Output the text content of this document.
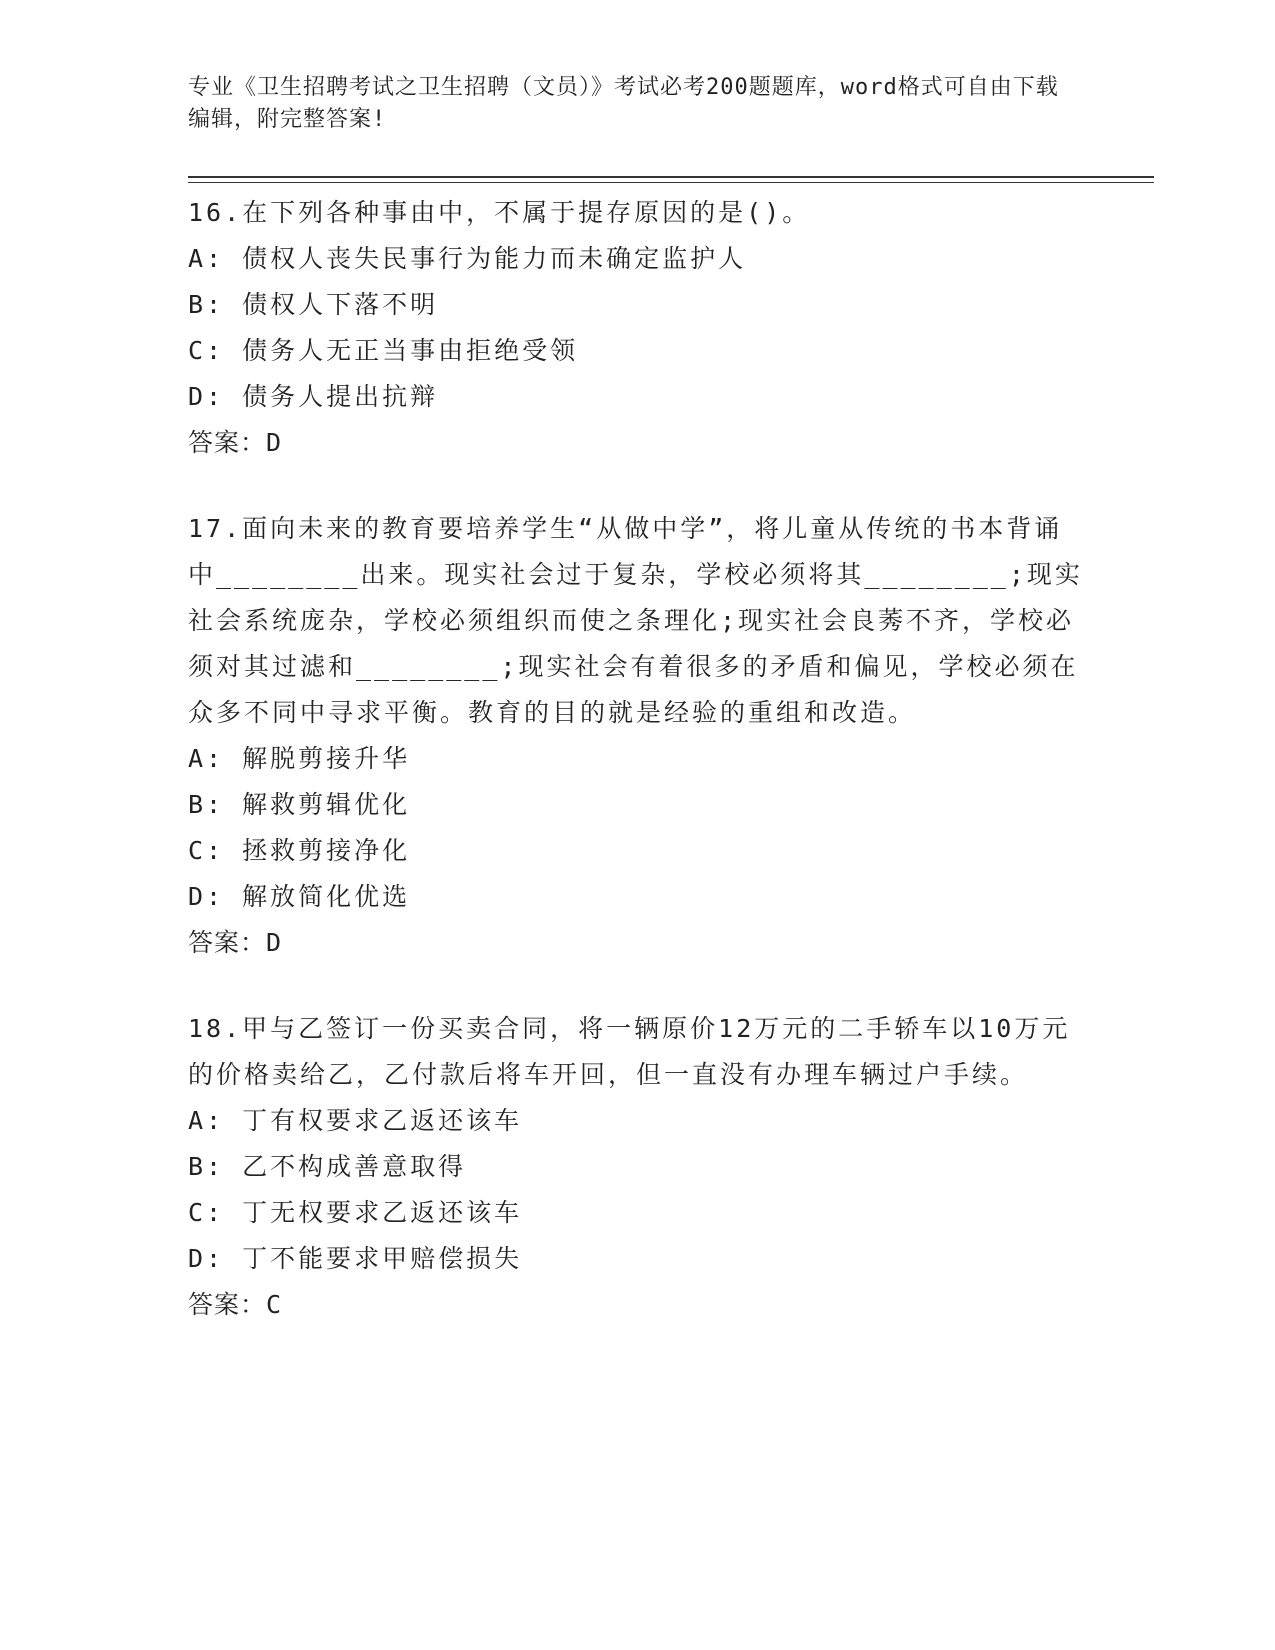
专业《卫生招聘考试之卫生招聘（文员）》考试必考200题题库，word格式可自由下载编辑，附完整答案!
16.在下列各种事由中，不属于提存原因的是()。
A: 债权人丧失民事行为能力而未确定监护人
B: 债权人下落不明
C: 债务人无正当事由拒绝受领
D: 债务人提出抗辩
答案：D
17.面向未来的教育要培养学生“从做中学”，将儿童从传统的书本背诵中________出来。现实社会过于复杂，学校必须将其________;现实社会系统庞杂，学校必须组织而使之条理化;现实社会良莠不齐，学校必须对其过滤和________;现实社会有着很多的矛盾和偏见，学校必须在众多不同中寻求平衡。教育的目的就是经验的重组和改造。
A: 解脱剪接升华
B: 解救剪辑优化
C: 拯救剪接净化
D: 解放简化优选
答案：D
18.甲与乙签订一份买卖合同，将一辆原价12万元的二手轿车以10万元的价格卖给乙，乙付款后将车开回，但一直没有办理车辆过户手续。
A: 丁有权要求乙返还该车
B: 乙不构成善意取得
C: 丁无权要求乙返还该车
D: 丁不能要求甲赔偿损失
答案：C
